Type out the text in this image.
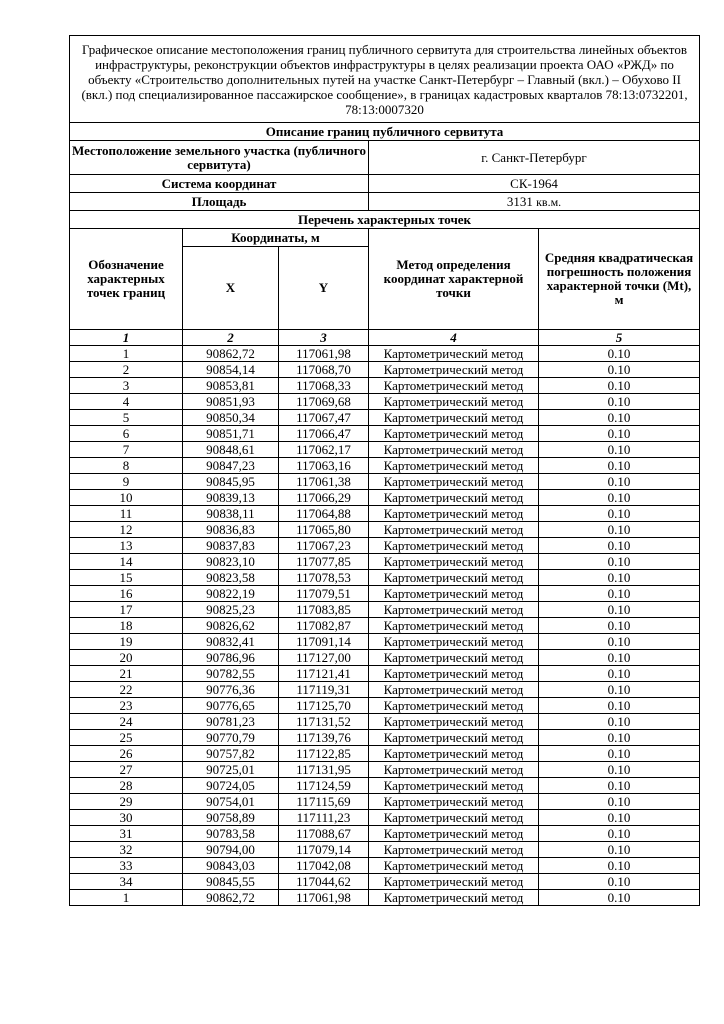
Графическое описание местоположения границ публичного сервитута для строительства линейных объектов инфраструктуры, реконструкции объектов инфраструктуры в целях реализации проекта ОАО «РЖД» по объекту «Строительство дополнительных путей на участке Санкт-Петербург – Главный (вкл.) – Обухово II (вкл.) под специализированное пассажирское сообщение», в границах кадастровых кварталов 78:13:0732201, 78:13:0007320				
Описание границ публичного сервитута				
Местоположение земельного участка (публичного сервитута)			г. Санкт-Петербург	
Система координат			СК-1964	
Площадь			3131 кв.м.	
Перечень характерных точек				
Обозначение характерных точек границ	Координаты, м		Метод определения координат характерной точки	Средняя квадратическая погрешность положения характерной точки (Mt), м
	X	Y		
1	2	3	4	5
1	90862,72	117061,98	Картометрический метод	0.10
2	90854,14	117068,70	Картометрический метод	0.10
3	90853,81	117068,33	Картометрический метод	0.10
4	90851,93	117069,68	Картометрический метод	0.10
5	90850,34	117067,47	Картометрический метод	0.10
6	90851,71	117066,47	Картометрический метод	0.10
7	90848,61	117062,17	Картометрический метод	0.10
8	90847,23	117063,16	Картометрический метод	0.10
9	90845,95	117061,38	Картометрический метод	0.10
10	90839,13	117066,29	Картометрический метод	0.10
11	90838,11	117064,88	Картометрический метод	0.10
12	90836,83	117065,80	Картометрический метод	0.10
13	90837,83	117067,23	Картометрический метод	0.10
14	90823,10	117077,85	Картометрический метод	0.10
15	90823,58	117078,53	Картометрический метод	0.10
16	90822,19	117079,51	Картометрический метод	0.10
17	90825,23	117083,85	Картометрический метод	0.10
18	90826,62	117082,87	Картометрический метод	0.10
19	90832,41	117091,14	Картометрический метод	0.10
20	90786,96	117127,00	Картометрический метод	0.10
21	90782,55	117121,41	Картометрический метод	0.10
22	90776,36	117119,31	Картометрический метод	0.10
23	90776,65	117125,70	Картометрический метод	0.10
24	90781,23	117131,52	Картометрический метод	0.10
25	90770,79	117139,76	Картометрический метод	0.10
26	90757,82	117122,85	Картометрический метод	0.10
27	90725,01	117131,95	Картометрический метод	0.10
28	90724,05	117124,59	Картометрический метод	0.10
29	90754,01	117115,69	Картометрический метод	0.10
30	90758,89	117111,23	Картометрический метод	0.10
31	90783,58	117088,67	Картометрический метод	0.10
32	90794,00	117079,14	Картометрический метод	0.10
33	90843,03	117042,08	Картометрический метод	0.10
34	90845,55	117044,62	Картометрический метод	0.10
1	90862,72	117061,98	Картометрический метод	0.10
